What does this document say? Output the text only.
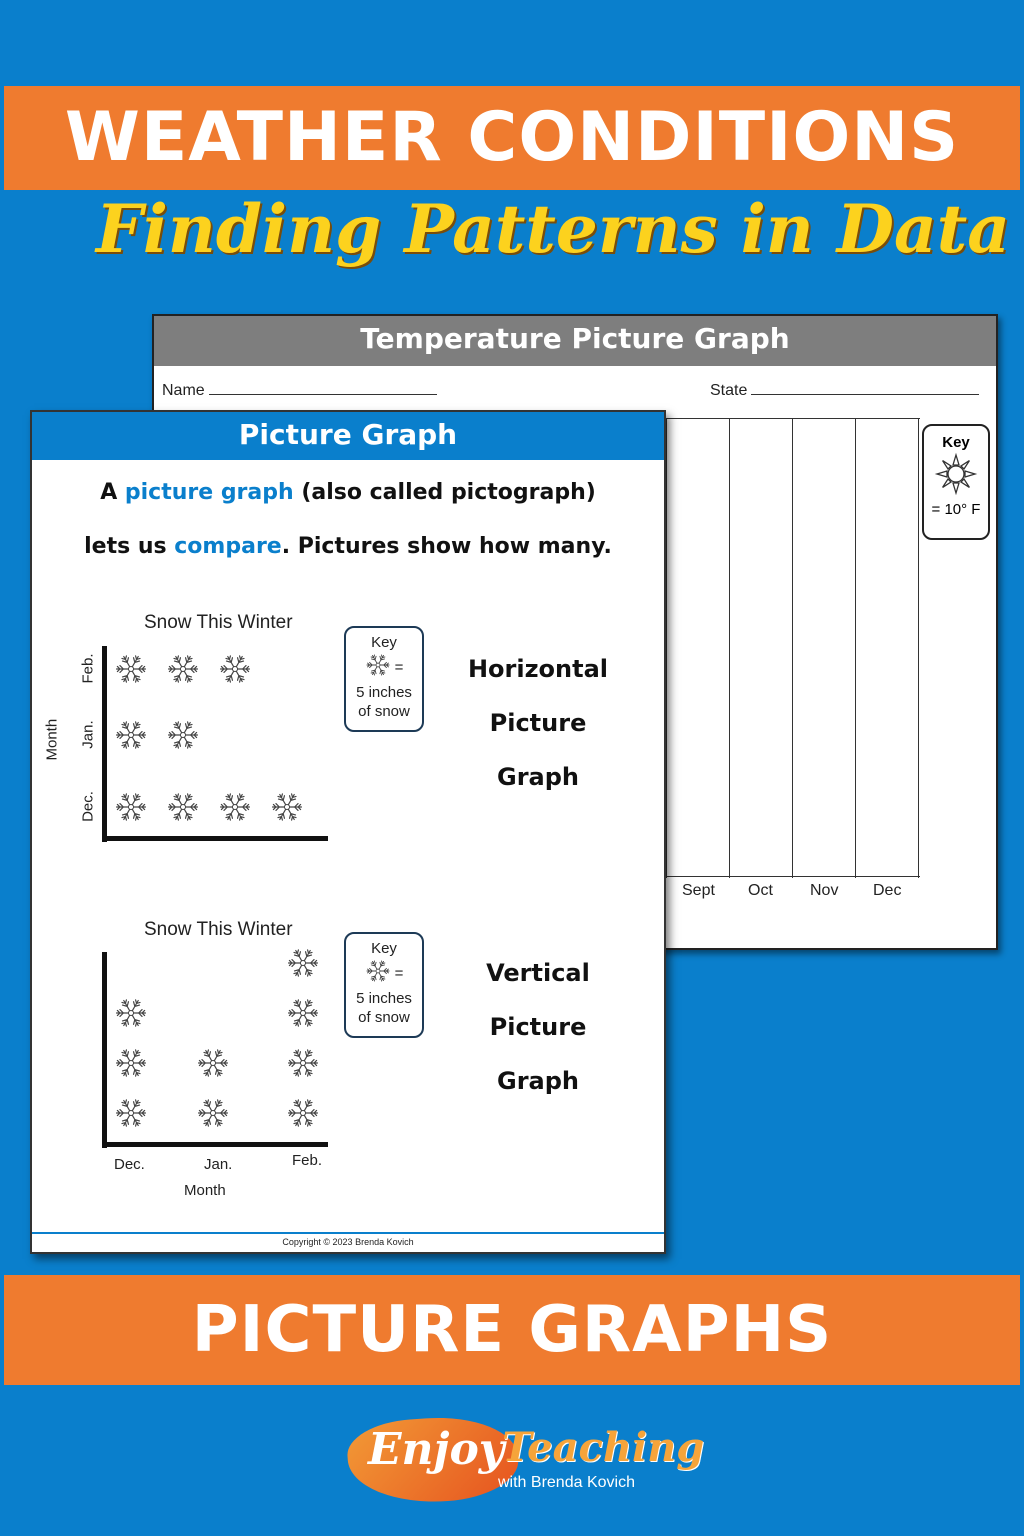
WEATHER CONDITIONS
Finding Patterns in Data
Temperature Picture Graph
Name	State
Sept Oct Nov Dec
Key
= 10° F
Picture Graph
A picture graph (also called pictograph)
lets us compare. Pictures show how many.
Snow This Winter
Month
Feb.
Jan.
Dec.
Key
=
5 inches
of snow
Horizontal
Picture
Graph
Snow This Winter
Dec.	Jan.	Feb.
Month
Key
=
5 inches
of snow
Vertical
Picture
Graph
Copyright © 2023 Brenda Kovich
PICTURE GRAPHS
Enjoy
Teaching
with Brenda Kovich
